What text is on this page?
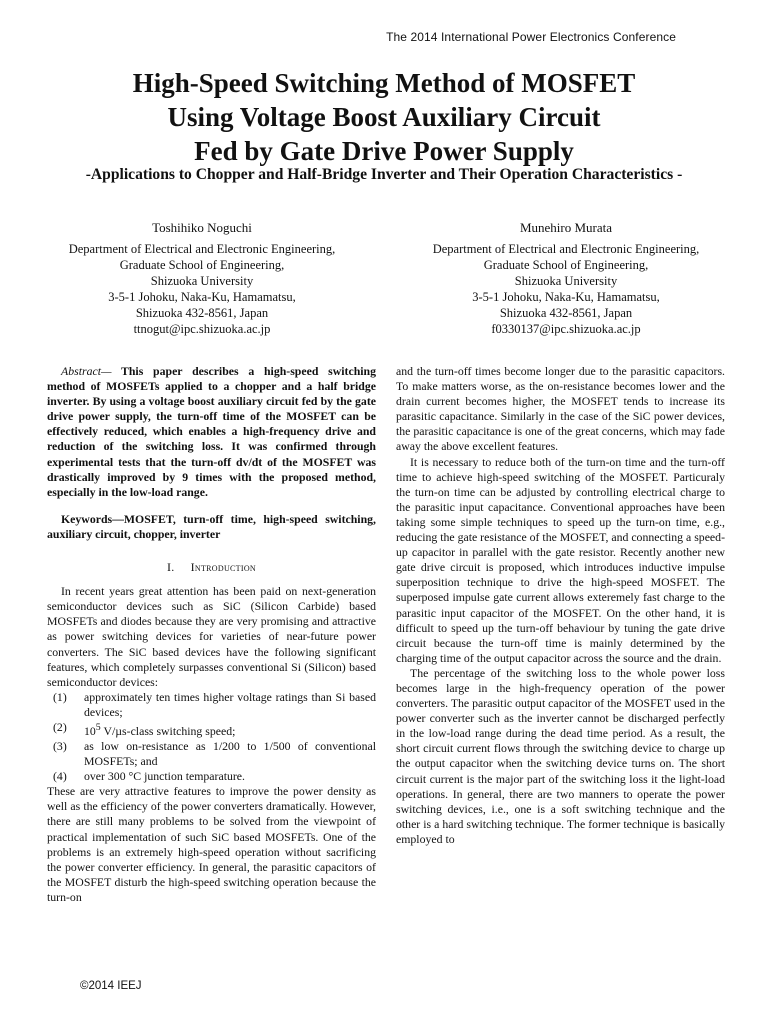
The 2014 International Power Electronics Conference
High-Speed Switching Method of MOSFET
Using Voltage Boost Auxiliary Circuit
Fed by Gate Drive Power Supply
-Applications to Chopper and Half-Bridge Inverter and Their Operation Characteristics -
Toshihiko Noguchi
Department of Electrical and Electronic Engineering,
Graduate School of Engineering,
Shizuoka University
3-5-1 Johoku, Naka-Ku, Hamamatsu,
Shizuoka 432-8561, Japan
ttnogut@ipc.shizuoka.ac.jp
Munehiro Murata
Department of Electrical and Electronic Engineering,
Graduate School of Engineering,
Shizuoka University
3-5-1 Johoku, Naka-Ku, Hamamatsu,
Shizuoka 432-8561, Japan
f0330137@ipc.shizuoka.ac.jp

Abstract— This paper describes a high-speed switching method of MOSFETs applied to a chopper and a half bridge inverter. By using a voltage boost auxiliary circuit fed by the gate drive power supply, the turn-off time of the MOSFET can be effectively reduced, which enables a high-frequency drive and reduction of the switching loss. It was confirmed through experimental tests that the turn-off dv/dt of the MOSFET was drastically improved by 9 times with the proposed method, especially in the low-load range.

Keywords—MOSFET, turn-off time, high-speed switching, auxiliary circuit, chopper, inverter

I. Introduction

In recent years great attention has been paid on next-generation semiconductor devices such as SiC (Silicon Carbide) based MOSFETs and diodes because they are very promising and attractive as power switching devices for varieties of near-future power converters. The SiC based devices have the following significant features, which completely surpasses conventional Si (Silicon) based semiconductor devices:

(1) approximately ten times higher voltage ratings than Si based devices;
(2) $10^5$ V/µs-class switching speed;
(3) as low on-resistance as 1/200 to 1/500 of conventional MOSFETs; and
(4) over 300 °C junction temparature.

These are very attractive features to improve the power density as well as the efficiency of the power converters dramatically. However, there are still many problems to be solved from the viewpoint of practical implementation of such SiC based MOSFETs. One of the problems is an extremely high-speed operation without sacrificing the power converter efficiency. In general, the parasitic capacitors of the MOSFET disturb the high-speed switching operation because the turn-on

and the turn-off times become longer due to the parasitic capacitors. To make matters worse, as the on-resistance becomes lower and the drain current becomes higher, the MOSFET tends to increase its parasitic capacitance. Similarly in the case of the SiC power devices, the parasitic capacitance is one of the great concerns, which may fade away the above excellent features.

It is necessary to reduce both of the turn-on time and the turn-off time to achieve high-speed switching of the MOSFET. Particuraly the turn-on time can be adjusted by controlling electrical charge to the parasitic input capacitance. Conventional approaches have been taking some simple techniques to speed up the turn-on time, e.g., reducing the gate resistance of the MOSFET, and connecting a speed-up capacitor in parallel with the gate resistor. Recently another new gate drive circuit is proposed, which introduces inductive impulse superposition technique to drive the high-speed MOSFET. The superposed impulse gate current allows exteremely fast charge to the parasitic input capacitor of the MOSFET. On the other hand, it is difficult to speed up the turn-off behaviour by tuning the gate drive circuit because the turn-off time is mainly determined by the charging time of the output capacitor across the source and the drain.

The percentage of the switching loss to the whole power loss becomes large in the high-frequency operation of the power converters. The parasitic output capacitor of the MOSFET used in the power converter such as the inverter cannot be discharged perfectly in the low-load range during the dead time period. As a result, the short circuit current flows through the switching device to charge up the output capacitor when the switching device turns on. The short circuit current is the major part of the switching loss it the light-load operations. In general, there are two manners to operate the power switching devices, i.e., one is a soft switching technique and the other is a hard switching technique. The former technique is basically employed to

©2014 IEEJ
